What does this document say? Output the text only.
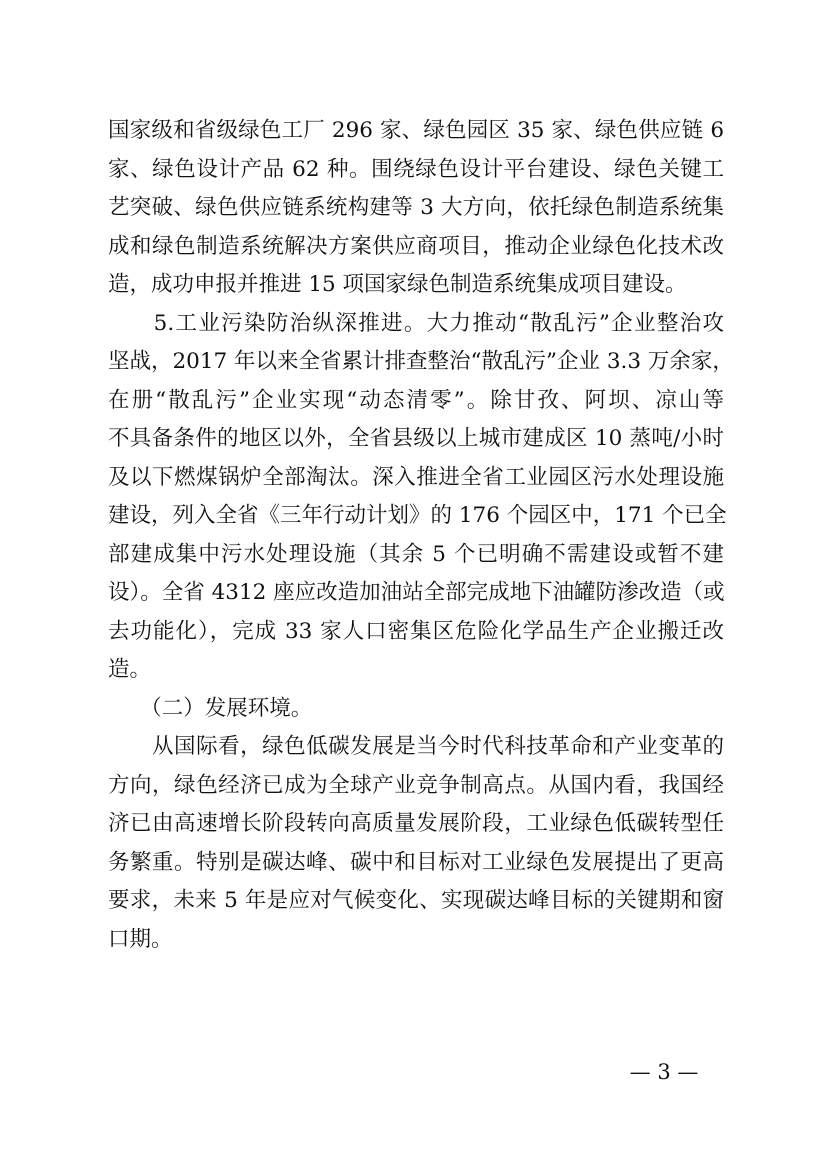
国家级和省级绿色工厂 296 家、绿色园区 35 家、绿色供应链 6
家、绿色设计产品 62 种。围绕绿色设计平台建设、绿色关键工
艺突破、绿色供应链系统构建等 3 大方向，依托绿色制造系统集
成和绿色制造系统解决方案供应商项目，推动企业绿色化技术改
造，成功申报并推进 15 项国家绿色制造系统集成项目建设。
　　5.工业污染防治纵深推进。大力推动“散乱污”企业整治攻
坚战，2017 年以来全省累计排查整治“散乱污”企业 3.3 万余家，
在册“散乱污”企业实现“动态清零”。除甘孜、阿坝、凉山等
不具备条件的地区以外，全省县级以上城市建成区 10 蒸吨/小时
及以下燃煤锅炉全部淘汰。深入推进全省工业园区污水处理设施
建设，列入全省《三年行动计划》的 176 个园区中，171 个已全
部建成集中污水处理设施（其余 5 个已明确不需建设或暂不建
设）。全省 4312 座应改造加油站全部完成地下油罐防渗改造（或
去功能化），完成 33 家人口密集区危险化学品生产企业搬迁改
造。
　　（二）发展环境。
　　从国际看，绿色低碳发展是当今时代科技革命和产业变革的
方向，绿色经济已成为全球产业竞争制高点。从国内看，我国经
济已由高速增长阶段转向高质量发展阶段，工业绿色低碳转型任
务繁重。特别是碳达峰、碳中和目标对工业绿色发展提出了更高
要求，未来 5 年是应对气候变化、实现碳达峰目标的关键期和窗
口期。
— 3 —
